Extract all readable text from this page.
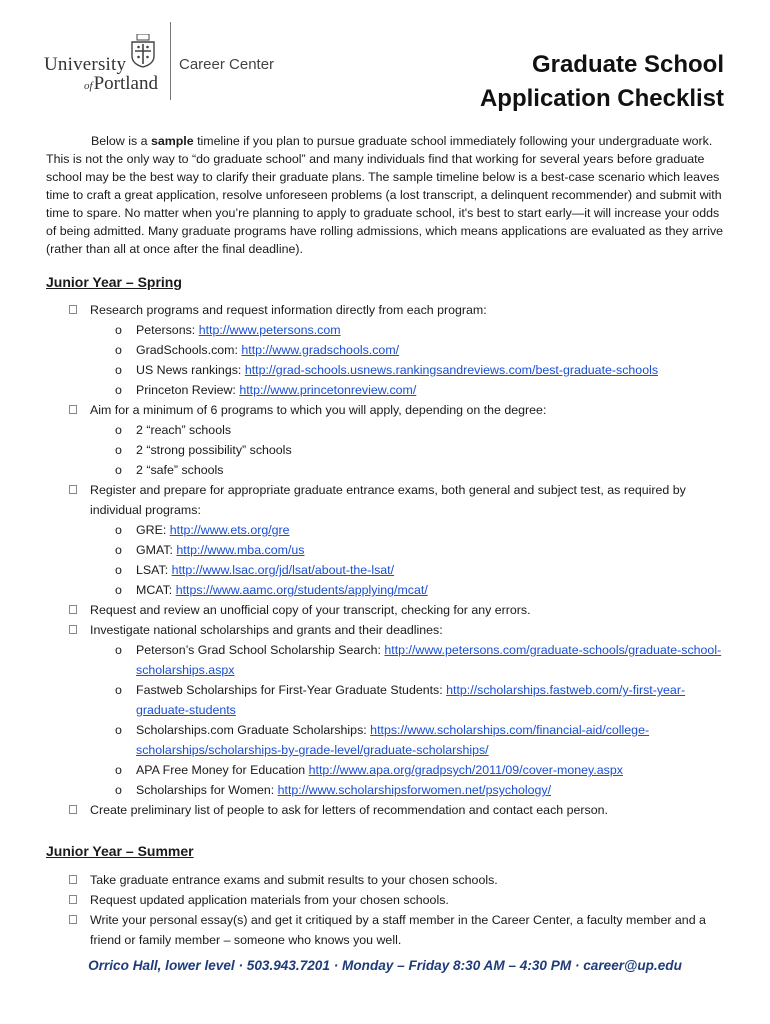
University
ofPortland
Career Center	Graduate School
Application Checklist

Below is a sample timeline if you plan to pursue graduate school immediately following your undergraduate work. This is not the only way to “do graduate school” and many individuals find that working for several years before graduate school may be the best way to clarify their graduate plans. The sample timeline below is a best-case scenario which leaves time to craft a great application, resolve unforeseen problems (a lost transcript, a delinquent recommender) and submit with time to spare. No matter when you’re planning to apply to graduate school, it's best to start early—it will increase your odds of being admitted. Many graduate programs have rolling admissions, which means applications are evaluated as they arrive (rather than all at once after the final deadline).

Junior Year – Spring
Research programs and request information directly from each program:
o Petersons: http://www.petersons.com
o GradSchools.com: http://www.gradschools.com/
o US News rankings: http://grad-schools.usnews.rankingsandreviews.com/best-graduate-schools
o Princeton Review: http://www.princetonreview.com/
Aim for a minimum of 6 programs to which you will apply, depending on the degree:
o 2 “reach” schools
o 2 “strong possibility” schools
o 2 “safe” schools
Register and prepare for appropriate graduate entrance exams, both general and subject test, as required by individual programs:
o GRE: http://www.ets.org/gre
o GMAT: http://www.mba.com/us
o LSAT: http://www.lsac.org/jd/lsat/about-the-lsat/
o MCAT: https://www.aamc.org/students/applying/mcat/
Request and review an unofficial copy of your transcript, checking for any errors.
Investigate national scholarships and grants and their deadlines:
o Peterson’s Grad School Scholarship Search: http://www.petersons.com/graduate-schools/graduate-school-scholarships.aspx
o Fastweb Scholarships for First-Year Graduate Students: http://scholarships.fastweb.com/y-first-year-graduate-students
o Scholarships.com Graduate Scholarships: https://www.scholarships.com/financial-aid/college-scholarships/scholarships-by-grade-level/graduate-scholarships/
o APA Free Money for Education http://www.apa.org/gradpsych/2011/09/cover-money.aspx
o Scholarships for Women: http://www.scholarshipsforwomen.net/psychology/
Create preliminary list of people to ask for letters of recommendation and contact each person.
Junior Year – Summer
Take graduate entrance exams and submit results to your chosen schools.
Request updated application materials from your chosen schools.
Write your personal essay(s) and get it critiqued by a staff member in the Career Center, a faculty member and a friend or family member – someone who knows you well.
Orrico Hall, lower level · 503.943.7201 · Monday – Friday 8:30 AM – 4:30 PM · career@up.edu
